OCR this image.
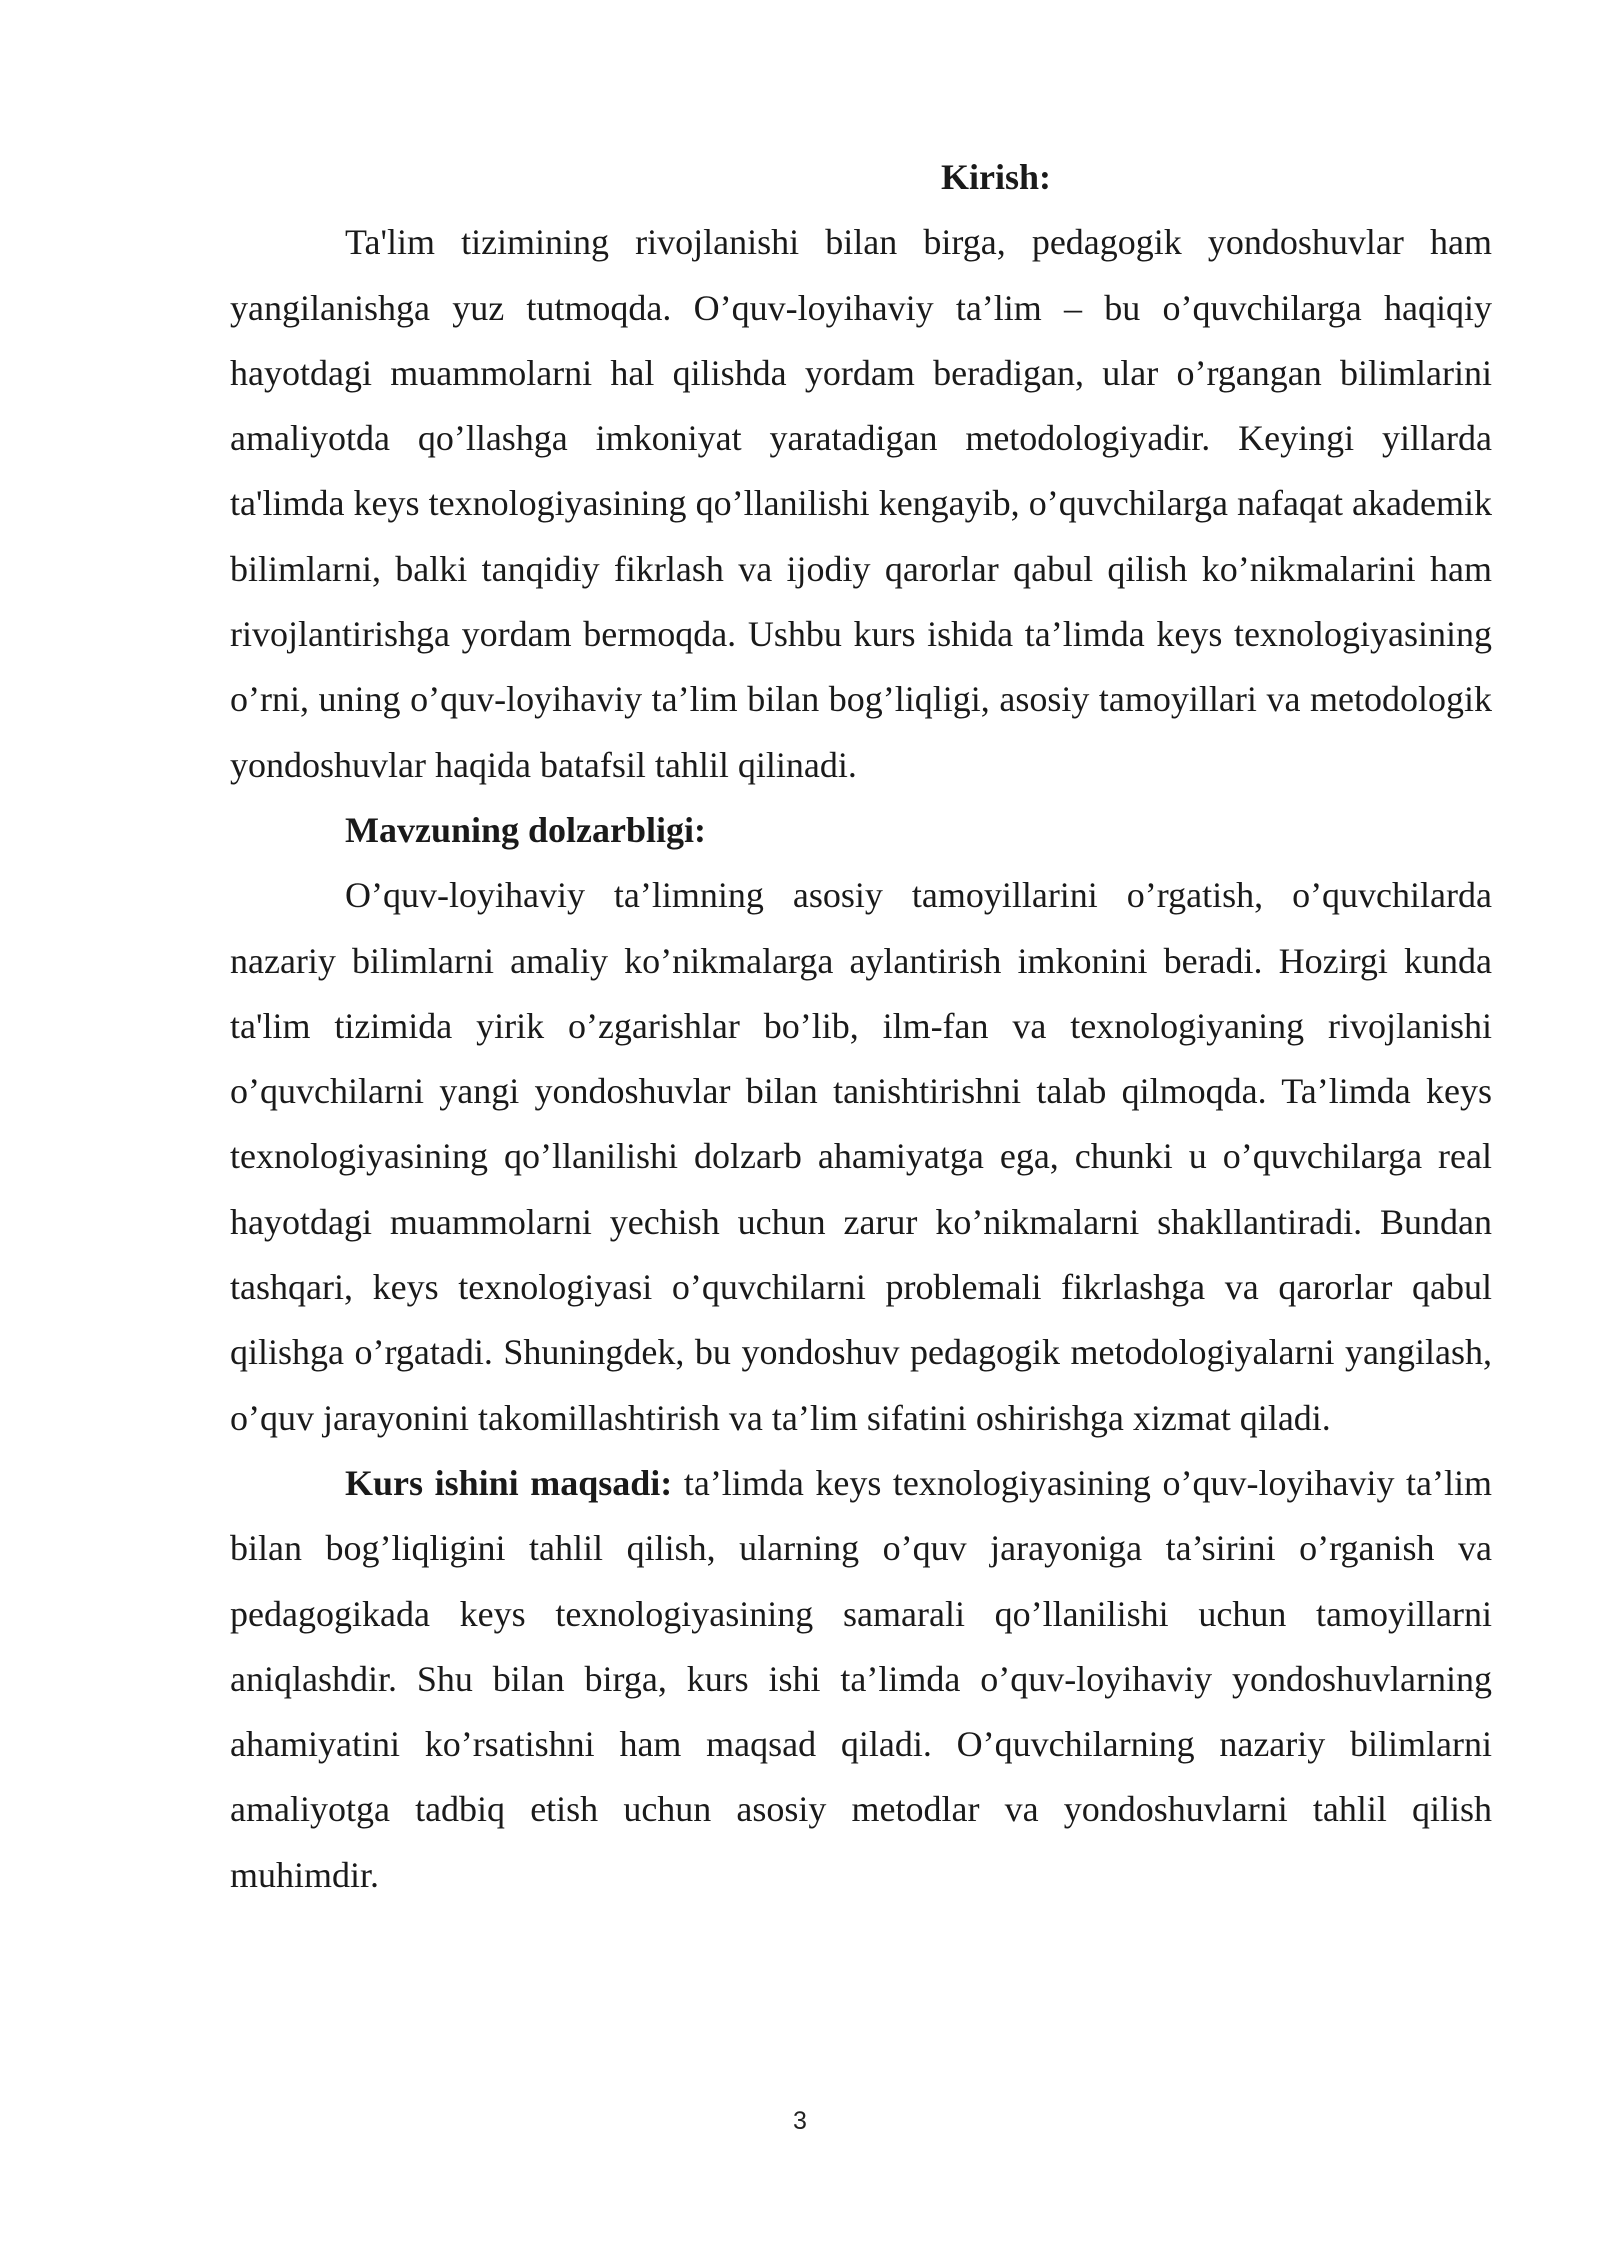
Kirish:

Ta'lim tizimining rivojlanishi bilan birga, pedagogik yondoshuvlar ham yangilanishga yuz tutmoqda. O’quv-loyihaviy ta’lim – bu o’quvchilarga haqiqiy hayotdagi muammolarni hal qilishda yordam beradigan, ular o’rgangan bilimlarini amaliyotda qo’llashga imkoniyat yaratadigan metodologiyadir. Keyingi yillarda ta'limda keys texnologiyasining qo’llanilishi kengayib, o’quvchilarga nafaqat akademik bilimlarni, balki tanqidiy fikrlash va ijodiy qarorlar qabul qilish ko’nikmalarini ham rivojlantirishga yordam bermoqda. Ushbu kurs ishida ta’limda keys texnologiyasining o’rni, uning o’quv-loyihaviy ta’lim bilan bog’liqligi, asosiy tamoyillari va metodologik yondoshuvlar haqida batafsil tahlil qilinadi.

Mavzuning dolzarbligi:

O’quv-loyihaviy ta’limning asosiy tamoyillarini o’rgatish, o’quvchilarda nazariy bilimlarni amaliy ko’nikmalarga aylantirish imkonini beradi. Hozirgi kunda ta'lim tizimida yirik o’zgarishlar bo’lib, ilm-fan va texnologiyaning rivojlanishi o’quvchilarni yangi yondoshuvlar bilan tanishtirishni talab qilmoqda. Ta’limda keys texnologiyasining qo’llanilishi dolzarb ahamiyatga ega, chunki u o’quvchilarga real hayotdagi muammolarni yechish uchun zarur ko’nikmalarni shakllantiradi. Bundan tashqari, keys texnologiyasi o’quvchilarni problemali fikrlashga va qarorlar qabul qilishga o’rgatadi. Shuningdek, bu yondoshuv pedagogik metodologiyalarni yangilash, o’quv jarayonini takomillashtirish va ta’lim sifatini oshirishga xizmat qiladi.

Kurs ishini maqsadi: ta’limda keys texnologiyasining o’quv-loyihaviy ta’lim bilan bog’liqligini tahlil qilish, ularning o’quv jarayoniga ta’sirini o’rganish va pedagogikada keys texnologiyasining samarali qo’llanilishi uchun tamoyillarni aniqlashdir. Shu bilan birga, kurs ishi ta’limda o’quv-loyihaviy yondoshuvlarning ahamiyatini ko’rsatishni ham maqsad qiladi. O’quvchilarning nazariy bilimlarni amaliyotga tadbiq etish uchun asosiy metodlar va yondoshuvlarni tahlil qilish muhimdir.

3
